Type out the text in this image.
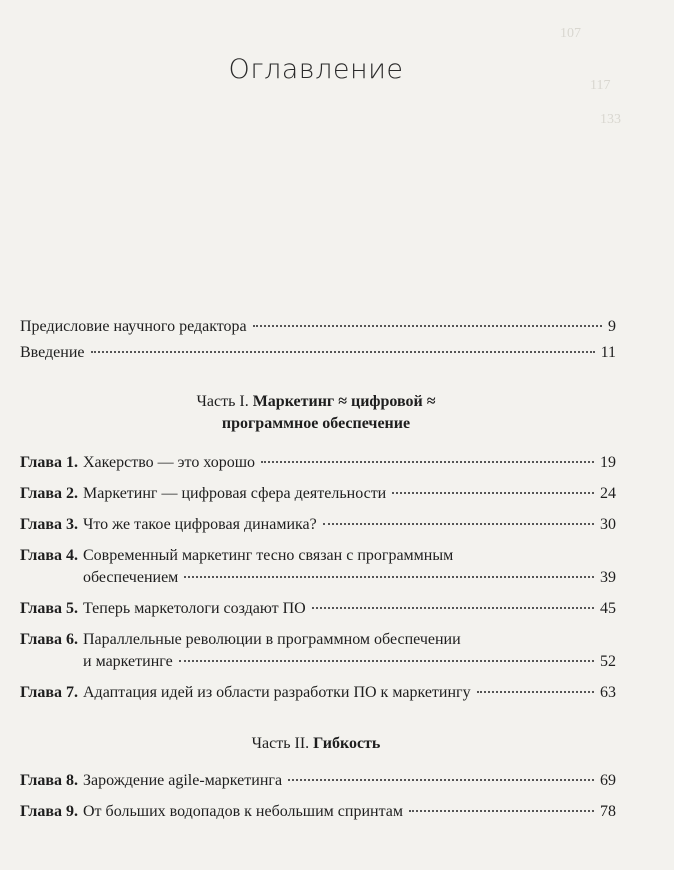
107
117
133
Оглавление
Предисловие научного редактора	9
Введение	11
Часть I. Маркетинг ≈ цифровой ≈
программное обеспечение
Глава 1. Хакерство — это хорошо	19
Глава 2. Маркетинг — цифровая сфера деятельности	24
Глава 3. Что же такое цифровая динамика?	30
Глава 4. Современный маркетинг тесно связан с программным
обеспечением	39
Глава 5. Теперь маркетологи создают ПО	45
Глава 6. Параллельные революции в программном обеспечении
и маркетинге	52
Глава 7. Адаптация идей из области разработки ПО к маркетингу	63
Часть II. Гибкость
Глава 8. Зарождение agile-маркетинга	69
Глава 9. От больших водопадов к небольшим спринтам	78
